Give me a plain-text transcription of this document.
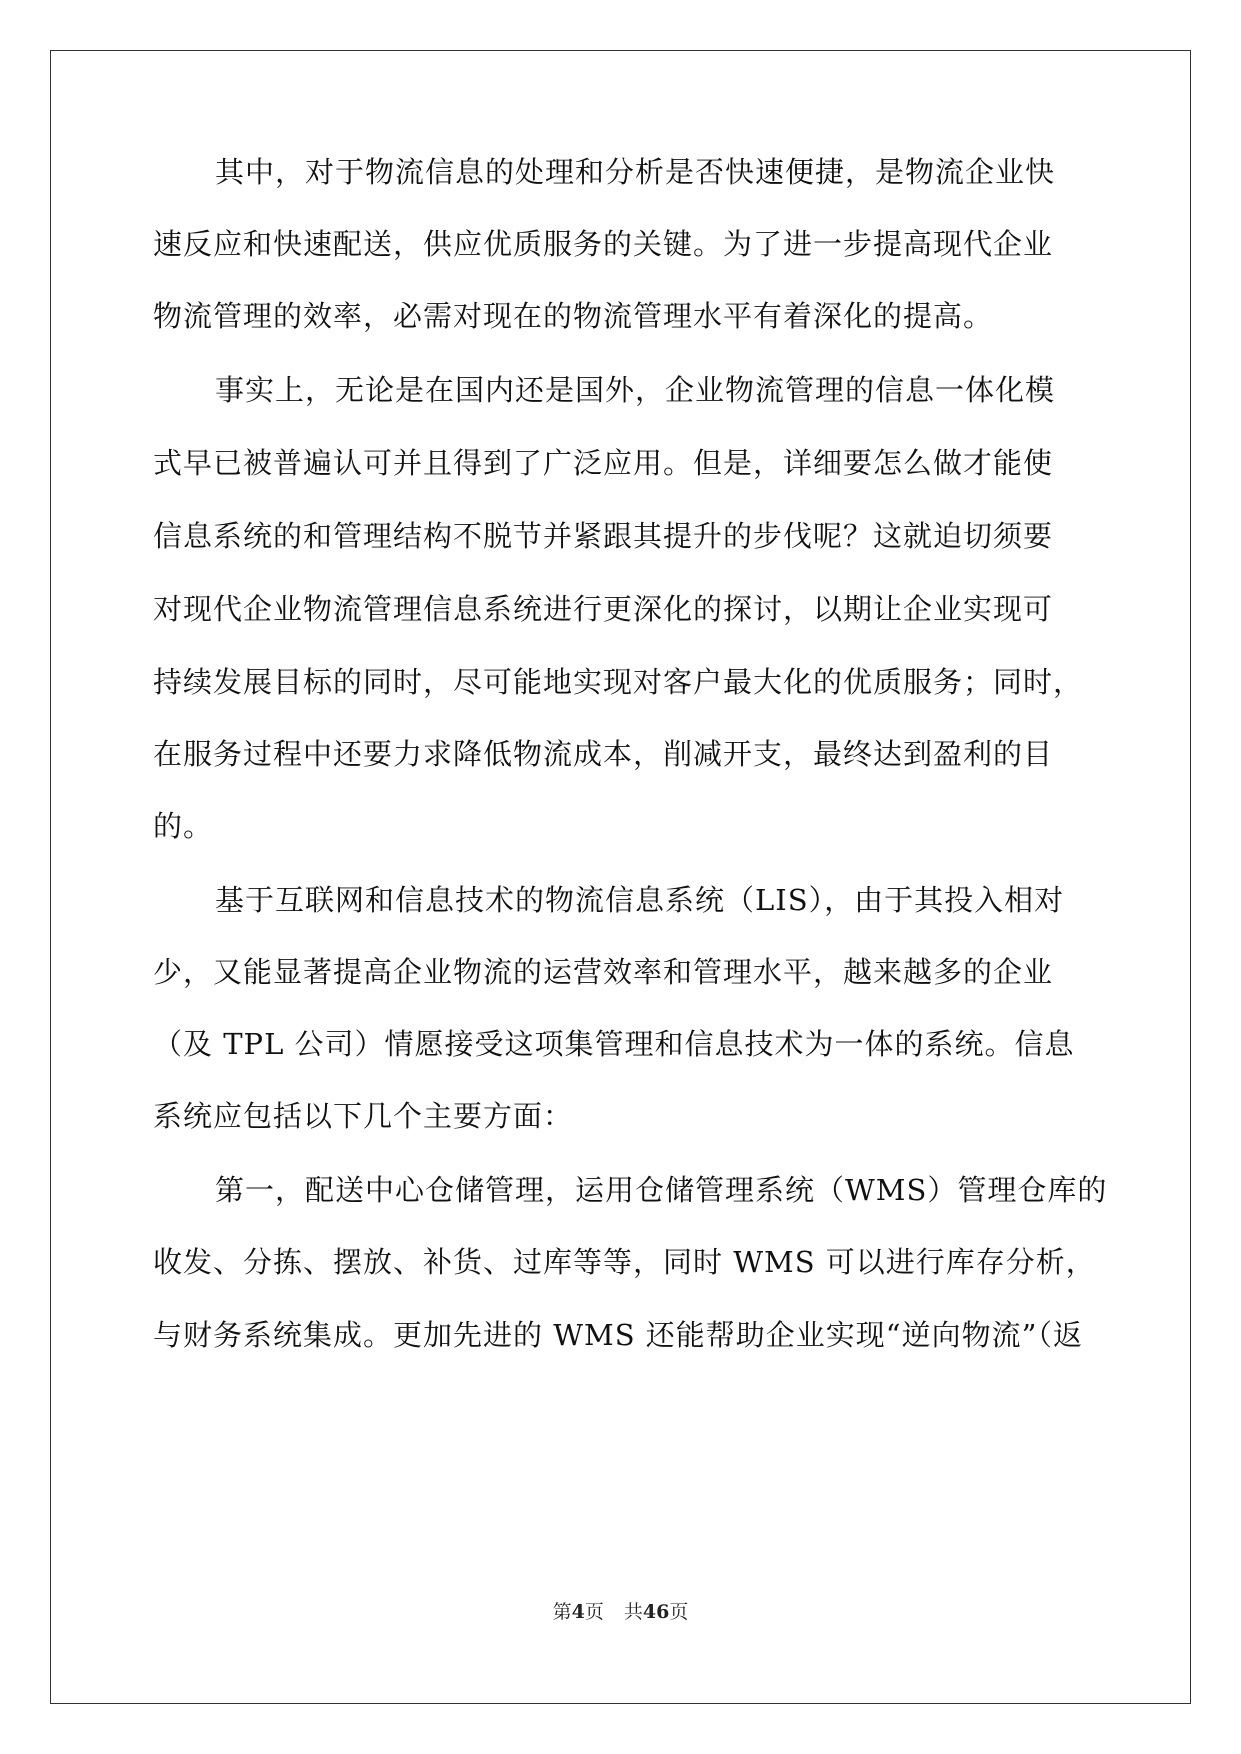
其中，对于物流信息的处理和分析是否快速便捷，是物流企业快
速反应和快速配送，供应优质服务的关键。为了进一步提高现代企业
物流管理的效率，必需对现在的物流管理水平有着深化的提高。
事实上，无论是在国内还是国外，企业物流管理的信息一体化模
式早已被普遍认可并且得到了广泛应用。但是，详细要怎么做才能使
信息系统的和管理结构不脱节并紧跟其提升的步伐呢？这就迫切须要
对现代企业物流管理信息系统进行更深化的探讨，以期让企业实现可
持续发展目标的同时，尽可能地实现对客户最大化的优质服务；同时，
在服务过程中还要力求降低物流成本，削减开支，最终达到盈利的目
的。
基于互联网和信息技术的物流信息系统（LIS），由于其投入相对
少，又能显著提高企业物流的运营效率和管理水平，越来越多的企业
（及 TPL 公司）情愿接受这项集管理和信息技术为一体的系统。信息
系统应包括以下几个主要方面：
第一，配送中心仓储管理，运用仓储管理系统（WMS）管理仓库的
收发、分拣、摆放、补货、过库等等，同时 WMS 可以进行库存分析，
与财务系统集成。更加先进的 WMS 还能帮助企业实现“逆向物流”（返
第4页 共46页
